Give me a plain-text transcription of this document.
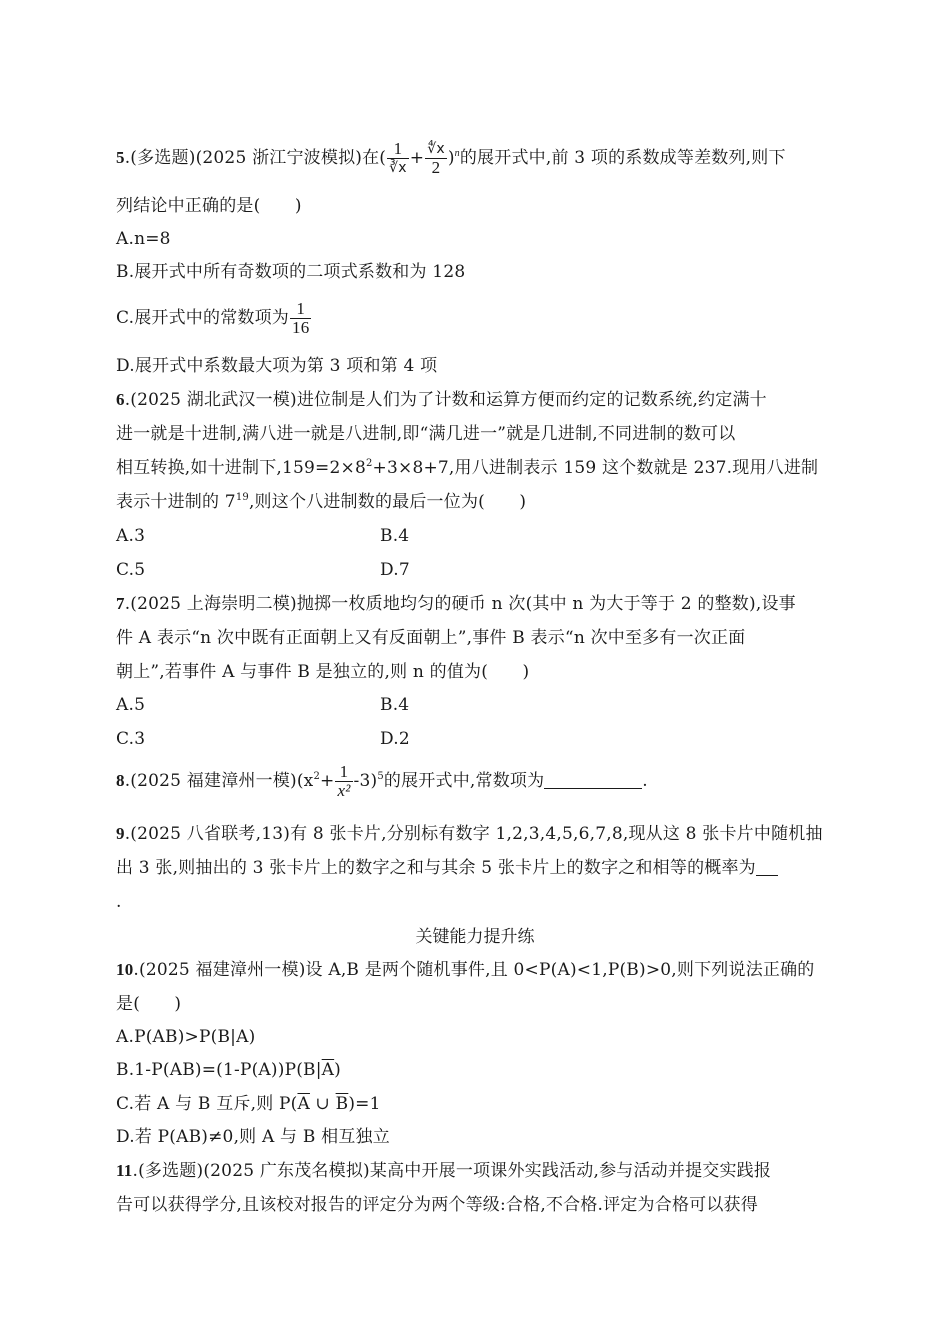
5.(多选题)(2025 浙江宁波模拟)在( $\frac{1}{∛x} + \frac{∜x}{2} )^n$的展开式中,前 3 项的系数成等差数列,则下
列结论中正确的是(　　)
A.n=8
B.展开式中所有奇数项的二项式系数和为 128
C.展开式中的常数项为 $\frac{1}{16}$
D.展开式中系数最大项为第 3 项和第 4 项
6.(2025 湖北武汉一模)进位制是人们为了计数和运算方便而约定的记数系统,约定满十
进一就是十进制,满八进一就是八进制,即“满几进一”就是几进制,不同进制的数可以
相互转换,如十进制下$,159=2\times 8^2+3\times 8+7$,用八进制表示 159 这个数就是 237.现用八进制
表示十进制的 $7^{19}$,则这个八进制数的最后一位为(　　)
A.3	B.4
C.5	D.7
7.(2025 上海崇明二模)抛掷一枚质地均匀的硬币 n 次(其中 n 为大于等于 2 的整数),设事
件 A 表示“n 次中既有正面朝上又有反面朝上”,事件 B 表示“n 次中至多有一次正面
朝上”,若事件 A 与事件 B 是独立的,则 n 的值为(　　)
A.5	B.4
C.3	D.2
8.(2025 福建漳州一模)$(x^2+ \frac{1}{\text{x²}} -3)^5$的展开式中,常数项为	.
9.(2025 八省联考,13)有 8 张卡片,分别标有数字 1,2,3,4,5,6,7,8,现从这 8 张卡片中随机抽
出 3 张,则抽出的 3 张卡片上的数字之和与其余 5 张卡片上的数字之和相等的概率为
.
关键能力提升练
10.(2025 福建漳州一模)设 A,B 是两个随机事件,且 0<P(A)<1,P(B)>0,则下列说法正确的
是(　　)
A.P(AB)>P(B|A)
$B.1-P(AB)=(1-P(A))P(B|\overline{A})$
C.若 A 与 B 互斥,则 $P(\overline{A}$ ∪ $\overline{B})=1$
D.若 P(AB)≠0,则 A 与 B 相互独立
11.(多选题)(2025 广东茂名模拟)某高中开展一项课外实践活动,参与活动并提交实践报
告可以获得学分,且该校对报告的评定分为两个等级:合格,不合格.评定为合格可以获得
